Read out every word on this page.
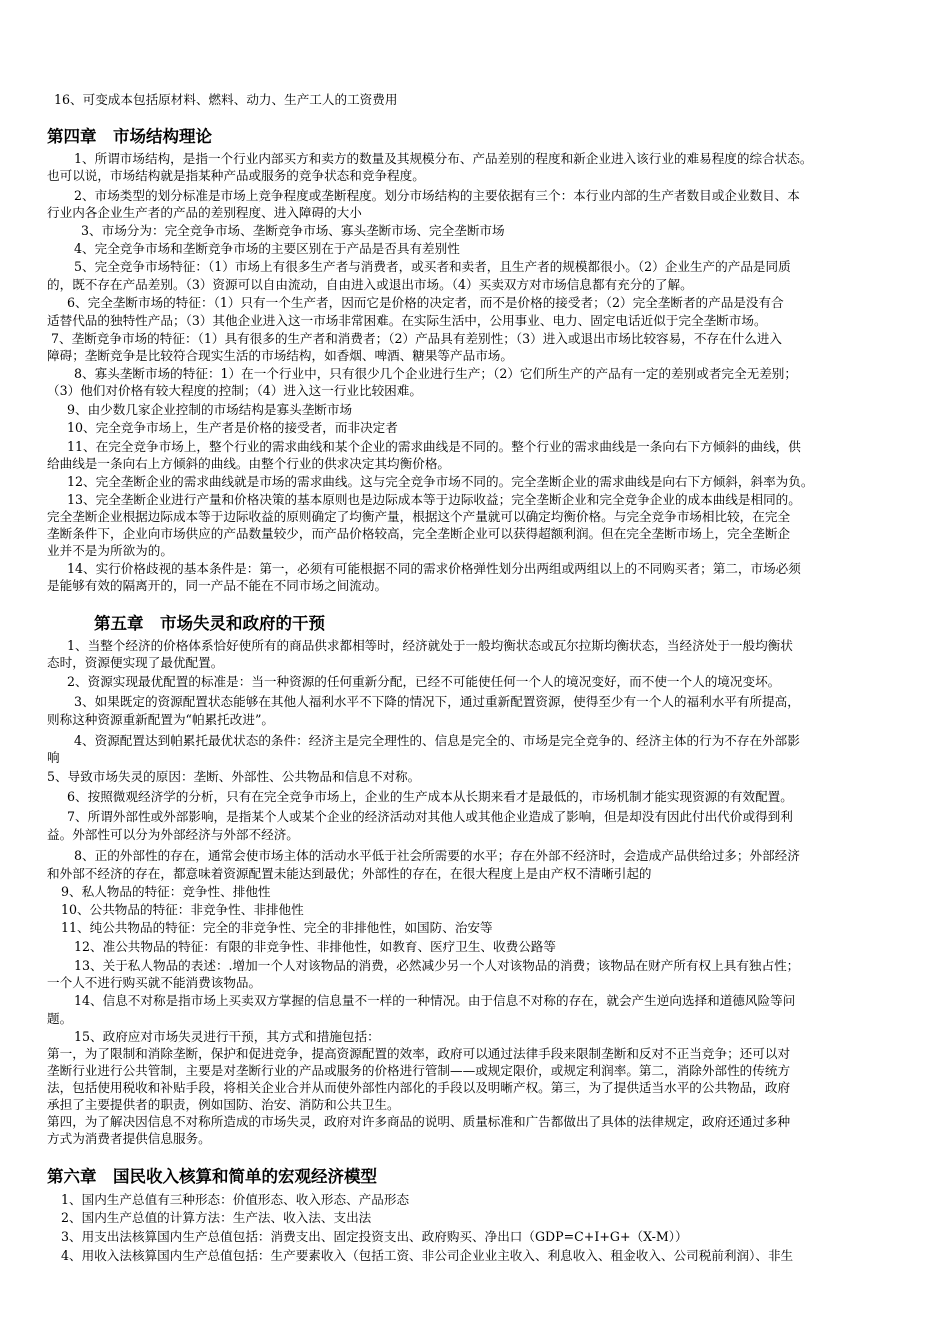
16、可变成本包括原材料、燃料、动力、生产工人的工资费用

第四章　市场结构理论

1、所谓市场结构，是指一个行业内部买方和卖方的数量及其规模分布、产品差别的程度和新企业进入该行业的难易程度的综合状态。

也可以说，市场结构就是指某种产品或服务的竞争状态和竞争程度。

2、市场类型的划分标准是市场上竞争程度或垄断程度。划分市场结构的主要依据有三个：本行业内部的生产者数目或企业数目、本

行业内各企业生产者的产品的差别程度、进入障碍的大小

3、市场分为：完全竞争市场、垄断竞争市场、寡头垄断市场、完全垄断市场

4、完全竞争市场和垄断竞争市场的主要区别在于产品是否具有差别性

5、完全竞争市场特征：（1）市场上有很多生产者与消费者，或买者和卖者，且生产者的规模都很小。（2）企业生产的产品是同质

的，既不存在产品差别。（3）资源可以自由流动，自由进入或退出市场。（4）买卖双方对市场信息都有充分的了解。

6、完全垄断市场的特征：（1）只有一个生产者，因而它是价格的决定者，而不是价格的接受者；（2）完全垄断者的产品是没有合

适替代品的独特性产品；（3）其他企业进入这一市场非常困难。在实际生活中，公用事业、电力、固定电话近似于完全垄断市场。

7、垄断竞争市场的特征：（1）具有很多的生产者和消费者；（2）产品具有差别性；（3）进入或退出市场比较容易，不存在什么进入

障碍；垄断竞争是比较符合现实生活的市场结构，如香烟、啤酒、糖果等产品市场。

8、寡头垄断市场的特征：1）在一个行业中，只有很少几个企业进行生产；（2）它们所生产的产品有一定的差别或者完全无差别；

（3）他们对价格有较大程度的控制；（4）进入这一行业比较困难。

9、由少数几家企业控制的市场结构是寡头垄断市场

10、完全竞争市场上，生产者是价格的接受者，而非决定者

11、在完全竞争市场上，整个行业的需求曲线和某个企业的需求曲线是不同的。整个行业的需求曲线是一条向右下方倾斜的曲线，供

给曲线是一条向右上方倾斜的曲线。由整个行业的供求决定其均衡价格。

12、完全垄断企业的需求曲线就是市场的需求曲线。这与完全竞争市场不同的。完全垄断企业的需求曲线是向右下方倾斜，斜率为负。

13、完全垄断企业进行产量和价格决策的基本原则也是边际成本等于边际收益；完全垄断企业和完全竞争企业的成本曲线是相同的。

完全垄断企业根据边际成本等于边际收益的原则确定了均衡产量，根据这个产量就可以确定均衡价格。与完全竞争市场相比较，在完全

垄断条件下，企业向市场供应的产品数量较少，而产品价格较高，完全垄断企业可以获得超额利润。但在完全垄断市场上，完全垄断企

业并不是为所欲为的。

14、实行价格歧视的基本条件是：第一，必须有可能根据不同的需求价格弹性划分出两组或两组以上的不同购买者；第二，市场必须

是能够有效的隔离开的，同一产品不能在不同市场之间流动。

第五章　市场失灵和政府的干预

1、当整个经济的价格体系恰好使所有的商品供求都相等时，经济就处于一般均衡状态或瓦尔拉斯均衡状态，当经济处于一般均衡状

态时，资源便实现了最优配置。

2、资源实现最优配置的标准是：当一种资源的任何重新分配，已经不可能使任何一个人的境况变好，而不使一个人的境况变坏。

3、如果既定的资源配置状态能够在其他人福利水平不下降的情况下，通过重新配置资源，使得至少有一个人的福利水平有所提高，

则称这种资源重新配置为“帕累托改进”。

4、资源配置达到帕累托最优状态的条件：经济主是完全理性的、信息是完全的、市场是完全竞争的、经济主体的行为不存在外部影

响

5、导致市场失灵的原因：垄断、外部性、公共物品和信息不对称。

6、按照微观经济学的分析，只有在完全竞争市场上，企业的生产成本从长期来看才是最低的，市场机制才能实现资源的有效配置。

7、所谓外部性或外部影响，是指某个人或某个企业的经济活动对其他人或其他企业造成了影响，但是却没有因此付出代价或得到利

益。外部性可以分为外部经济与外部不经济。

8、正的外部性的存在，通常会使市场主体的活动水平低于社会所需要的水平；存在外部不经济时，会造成产品供给过多；外部经济

和外部不经济的存在，都意味着资源配置未能达到最优；外部性的存在，在很大程度上是由产权不清晰引起的

9、私人物品的特征：竞争性、排他性

10、公共物品的特征：非竞争性、非排他性

11、纯公共物品的特征：完全的非竞争性、完全的非排他性，如国防、治安等

12、准公共物品的特征：有限的非竞争性、非排他性，如教育、医疗卫生、收费公路等

13、关于私人物品的表述：.增加一个人对该物品的消费，必然减少另一个人对该物品的消费；该物品在财产所有权上具有独占性；

一个人不进行购买就不能消费该物品。

14、信息不对称是指市场上买卖双方掌握的信息量不一样的一种情况。由于信息不对称的存在，就会产生逆向选择和道德风险等问

题。

15、政府应对市场失灵进行干预，其方式和措施包括：

第一，为了限制和消除垄断，保护和促进竞争，提高资源配置的效率，政府可以通过法律手段来限制垄断和反对不正当竞争；还可以对

垄断行业进行公共管制，主要是对垄断行业的产品或服务的价格进行管制——或规定限价，或规定利润率。第二，消除外部性的传统方

法，包括使用税收和补贴手段，将相关企业合并从而使外部性内部化的手段以及明晰产权。第三，为了提供适当水平的公共物品，政府

承担了主要提供者的职责，例如国防、治安、消防和公共卫生。

第四，为了解决因信息不对称所造成的市场失灵，政府对许多商品的说明、质量标准和广告都做出了具体的法律规定，政府还通过多种

方式为消费者提供信息服务。

第六章　国民收入核算和简单的宏观经济模型

1、国内生产总值有三种形态：价值形态、收入形态、产品形态

2、国内生产总值的计算方法：生产法、收入法、支出法

3、用支出法核算国内生产总值包括：消费支出、固定投资支出、政府购买、净出口（GDP=C+I+G+（X-M））

4、用收入法核算国内生产总值包括：生产要素收入（包括工资、非公司企业业主收入、利息收入、租金收入、公司税前利润）、非生
